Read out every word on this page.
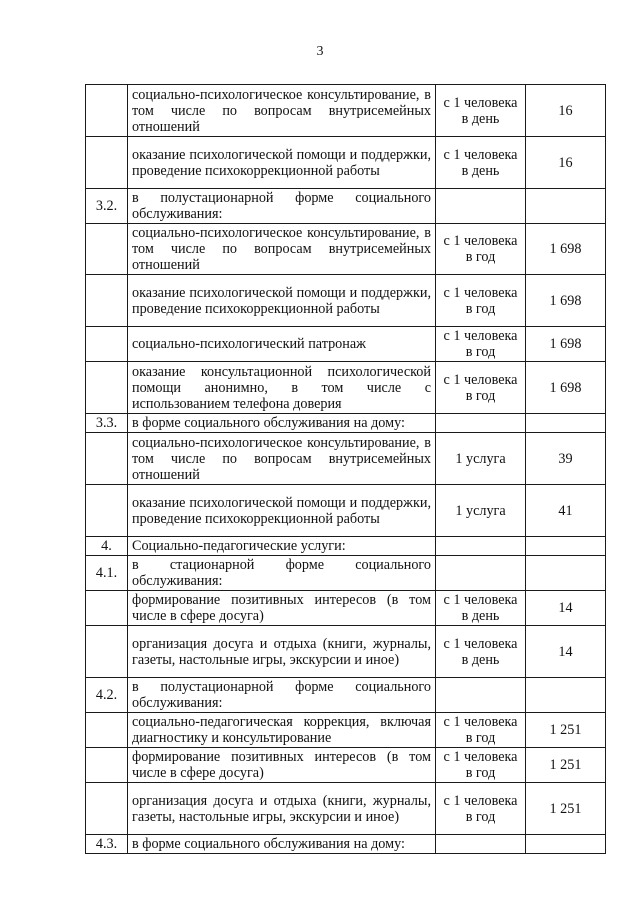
3
	социально-психологическое консультирование, в том числе по вопросам внутрисемейных отношений	с 1 человека в день	16
	оказание психологической помощи и поддержки, проведение психокоррекционной работы	с 1 человека в день	16
3.2.	в полустационарной форме социального обслуживания:		
	социально-психологическое консультирование, в том числе по вопросам внутрисемейных отношений	с 1 человека в год	1 698
	оказание психологической помощи и поддержки, проведение психокоррекционной работы	с 1 человека в год	1 698
	социально-психологический патронаж	с 1 человека в год	1 698
	оказание консультационной психологической помощи анонимно, в том числе с использованием телефона доверия	с 1 человека в год	1 698
3.3.	в форме социального обслуживания на дому:		
	социально-психологическое консультирование, в том числе по вопросам внутрисемейных отношений	1 услуга	39
	оказание психологической помощи и поддержки, проведение психокоррекционной работы	1 услуга	41
4.	Социально-педагогические услуги:		
4.1.	в стационарной форме социального обслуживания:		
	формирование позитивных интересов (в том числе в сфере досуга)	с 1 человека в день	14
	организация досуга и отдыха (книги, журналы, газеты, настольные игры, экскурсии и иное)	с 1 человека в день	14
4.2.	в полустационарной форме социального обслуживания:		
	социально-педагогическая коррекция, включая диагностику и консультирование	с 1 человека в год	1 251
	формирование позитивных интересов (в том числе в сфере досуга)	с 1 человека в год	1 251
	организация досуга и отдыха (книги, журналы, газеты, настольные игры, экскурсии и иное)	с 1 человека в год	1 251
4.3.	в форме социального обслуживания на дому:		
